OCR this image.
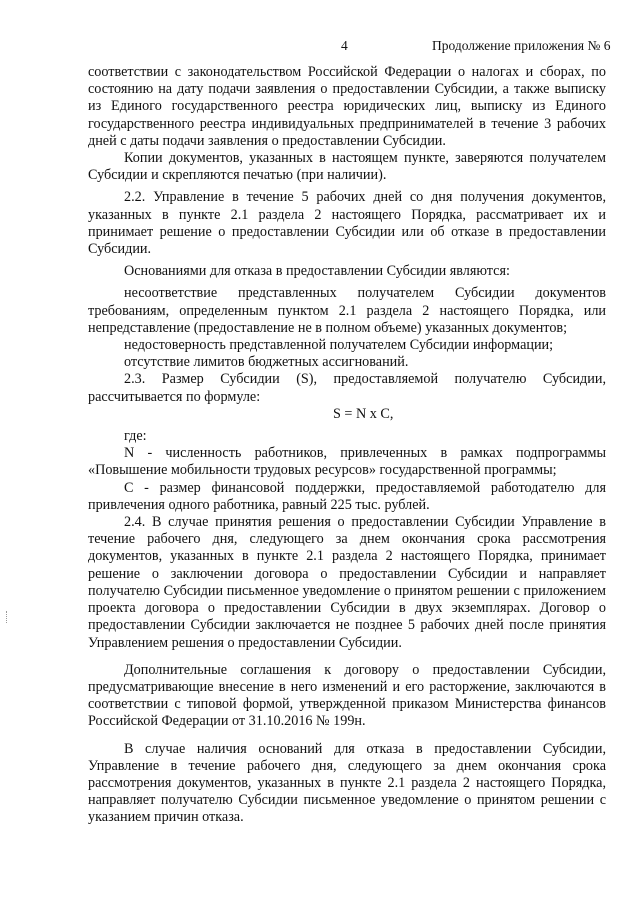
4	Продолжение приложения № 6

соответствии с законодательством Российской Федерации о налогах и сборах, по состоянию на дату подачи заявления о предоставлении Субсидии, а также выписку из Единого государственного реестра юридических лиц, выписку из Единого государственного реестра индивидуальных предпринимателей в течение 3 рабочих дней с даты подачи заявления о предоставлении Субсидии.

Копии документов, указанных в настоящем пункте, заверяются получателем Субсидии и скрепляются печатью (при наличии).

2.2. Управление в течение 5 рабочих дней со дня получения документов, указанных в пункте 2.1 раздела 2 настоящего Порядка, рассматривает их и принимает решение о предоставлении Субсидии или об отказе в предоставлении Субсидии.

Основаниями для отказа в предоставлении Субсидии являются:

несоответствие представленных получателем Субсидии документов требованиям, определенным пунктом 2.1 раздела 2 настоящего Порядка, или непредставление (предоставление не в полном объеме) указанных документов;

недостоверность представленной получателем Субсидии информации;

отсутствие лимитов бюджетных ассигнований.

2.3. Размер Субсидии (S), предоставляемой получателю Субсидии, рассчитывается по формуле:

S = N x C,

где:

N - численность работников, привлеченных в рамках подпрограммы «Повышение мобильности трудовых ресурсов» государственной программы;

С - размер финансовой поддержки, предоставляемой работодателю для привлечения одного работника, равный 225 тыс. рублей.

2.4. В случае принятия решения о предоставлении Субсидии Управление в течение рабочего дня, следующего за днем окончания срока рассмотрения документов, указанных в пункте 2.1 раздела 2 настоящего Порядка, принимает решение о заключении договора о предоставлении Субсидии и направляет получателю Субсидии письменное уведомление о принятом решении с приложением проекта договора о предоставлении Субсидии в двух экземплярах. Договор о предоставлении Субсидии заключается не позднее 5 рабочих дней после принятия Управлением решения о предоставлении Субсидии.

Дополнительные соглашения к договору о предоставлении Субсидии, предусматривающие внесение в него изменений и его расторжение, заключаются в соответствии с типовой формой, утвержденной приказом Министерства финансов Российской Федерации от 31.10.2016 № 199н.

В случае наличия оснований для отказа в предоставлении Субсидии, Управление в течение рабочего дня, следующего за днем окончания срока рассмотрения документов, указанных в пункте 2.1 раздела 2 настоящего Порядка, направляет получателю Субсидии письменное уведомление о принятом решении с указанием причин отказа.
